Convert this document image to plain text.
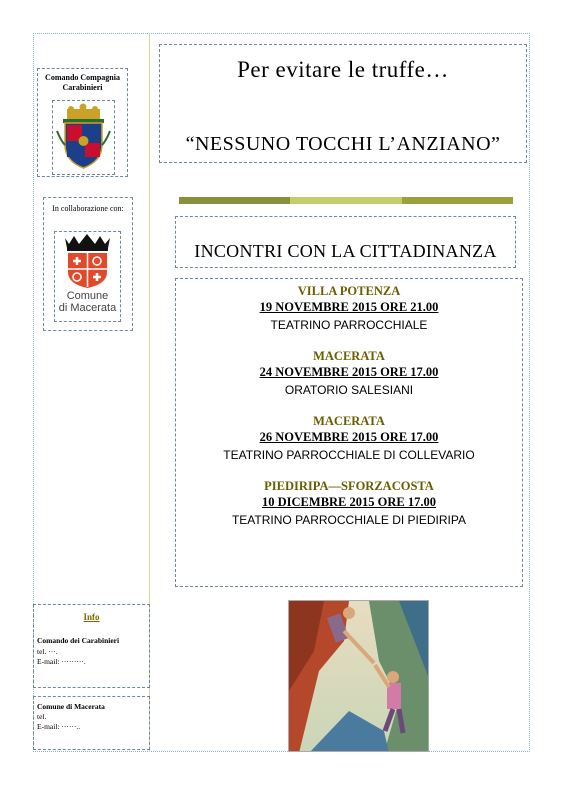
Comando Compagnia Carabinieri
In collaborazione con:
Comune
di Macerata
Info
Comando dei Carabinieri
tel. ···.
E-mail: ·········.
Comune di Macerata
tel.
E-mail: ······..
Per evitare le truffe…
“NESSUNO TOCCHI L’ANZIANO”
INCONTRI CON LA CITTADINANZA
VILLA POTENZA
19 NOVEMBRE 2015 ORE 21.00
TEATRINO PARROCCHIALE
MACERATA
24 NOVEMBRE 2015 ORE 17.00
ORATORIO SALESIANI
MACERATA
26 NOVEMBRE 2015 ORE 17.00
TEATRINO PARROCCHIALE DI COLLEVARIO
PIEDIRIPA—SFORZACOSTA
10 DICEMBRE 2015 ORE 17.00
TEATRINO PARROCCHIALE DI PIEDIRIPA
